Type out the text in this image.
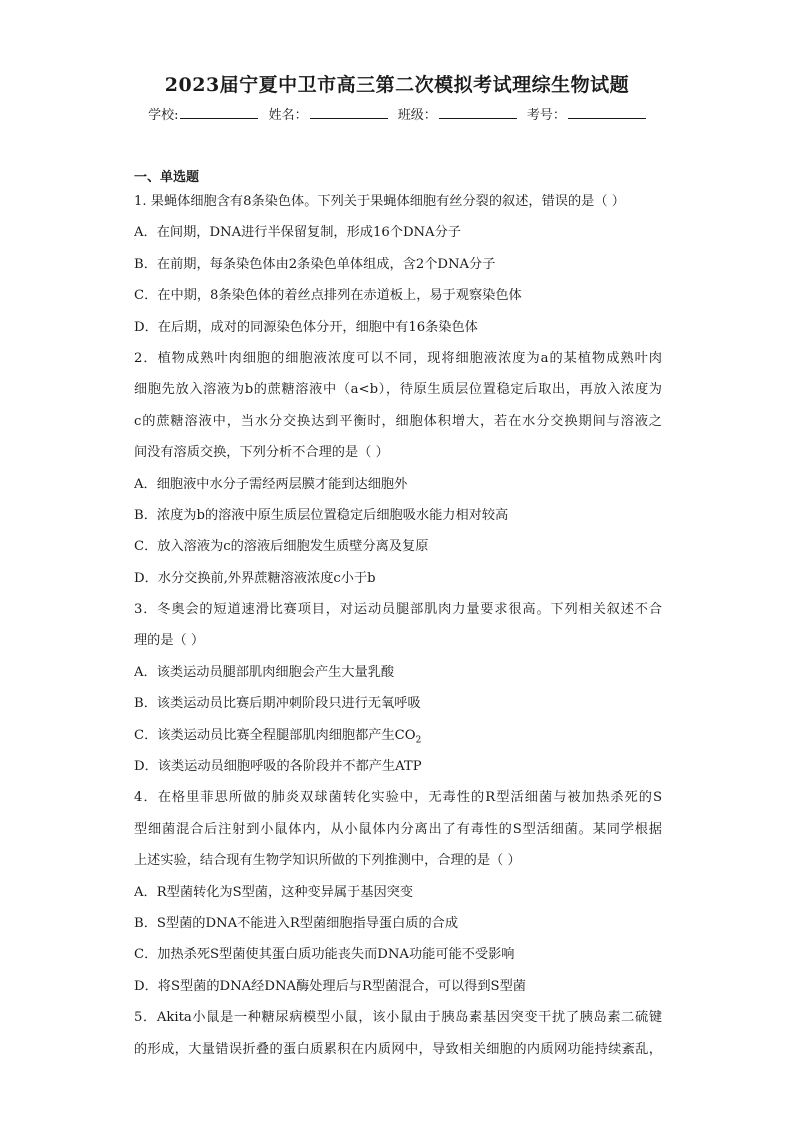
2023届宁夏中卫市高三第二次模拟考试理综生物试题
学校:	姓名：	班级：	考号：
一、单选题
1. 果蝇体细胞含有8条染色体。下列关于果蝇体细胞有丝分裂的叙述，错误的是（ ）
A．在间期，DNA进行半保留复制，形成16个DNA分子
B．在前期，每条染色体由2条染色单体组成，含2个DNA分子
C．在中期，8条染色体的着丝点排列在赤道板上，易于观察染色体
D．在后期，成对的同源染色体分开，细胞中有16条染色体
2．植物成熟叶肉细胞的细胞液浓度可以不同，现将细胞液浓度为a的某植物成熟叶肉
细胞先放入溶液为b的蔗糖溶液中（a<b），待原生质层位置稳定后取出，再放入浓度为
c的蔗糖溶液中，当水分交换达到平衡时，细胞体积增大，若在水分交换期间与溶液之
间没有溶质交换，下列分析不合理的是（ ）
A．细胞液中水分子需经两层膜才能到达细胞外
B．浓度为b的溶液中原生质层位置稳定后细胞吸水能力相对较高
C．放入溶液为c的溶液后细胞发生质壁分离及复原
D．水分交换前,外界蔗糖溶液浓度c小于b
3．冬奥会的短道速滑比赛项目，对运动员腿部肌肉力量要求很高。下列相关叙述不合
理的是（ ）
A．该类运动员腿部肌肉细胞会产生大量乳酸
B．该类运动员比赛后期冲刺阶段只进行无氧呼吸
C．该类运动员比赛全程腿部肌肉细胞都产生$CO_2$
D．该类运动员细胞呼吸的各阶段并不都产生ATP
4．在格里菲思所做的肺炎双球菌转化实验中，无毒性的R型活细菌与被加热杀死的S
型细菌混合后注射到小鼠体内，从小鼠体内分离出了有毒性的S型活细菌。某同学根据
上述实验，结合现有生物学知识所做的下列推测中，合理的是（ ）
A．R型菌转化为S型菌，这种变异属于基因突变
B．S型菌的DNA不能进入R型菌细胞指导蛋白质的合成
C．加热杀死S型菌使其蛋白质功能丧失而DNA功能可能不受影响
D．将S型菌的DNA经DNA酶处理后与R型菌混合，可以得到S型菌
5．Akita小鼠是一种糖尿病模型小鼠，该小鼠由于胰岛素基因突变干扰了胰岛素二硫键
的形成，大量错误折叠的蛋白质累积在内质网中，导致相关细胞的内质网功能持续紊乱，
